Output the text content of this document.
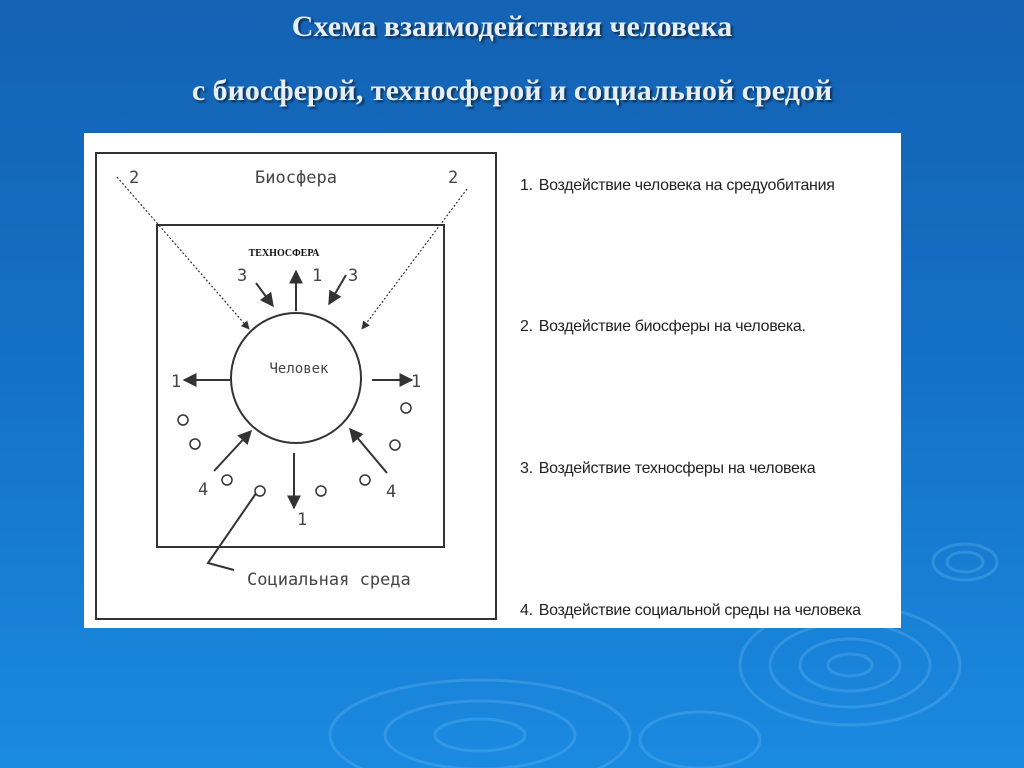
Схема взаимодействия человека
с биосферой, техносферой и социальной средой
Биосфера
ТЕХНОСФЕРА
Человек
Социальная среда
2	2
3	1 3
1	1
4	4
1
1. Воздействие человека на средуобитания
2. Воздействие биосферы на человека.
3. Воздействие техносферы на человека
4. Воздействие социальной среды на человека
